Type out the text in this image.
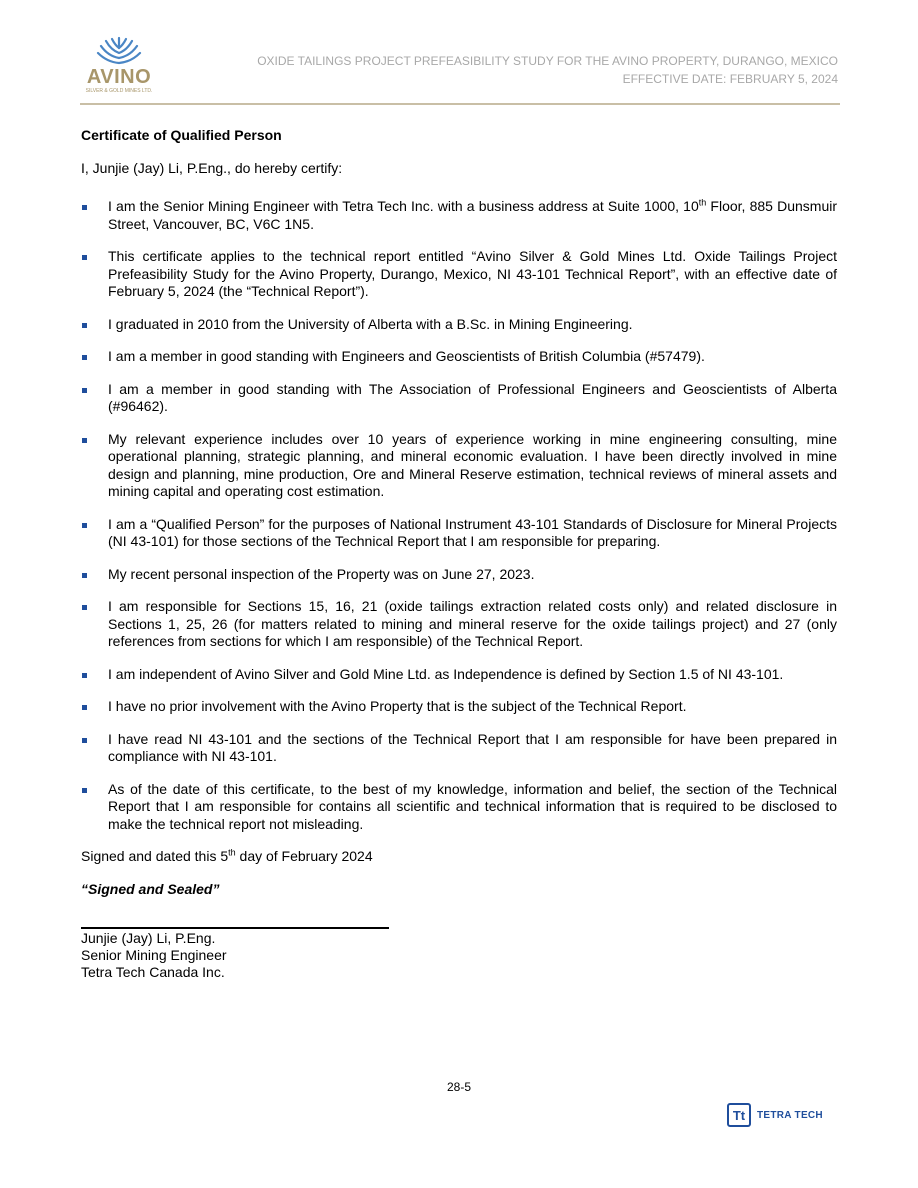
AVINO
SILVER & GOLD MINES LTD.
OXIDE TAILINGS PROJECT PREFEASIBILITY STUDY FOR THE AVINO PROPERTY, DURANGO, MEXICO
EFFECTIVE DATE: FEBRUARY 5, 2024

Certificate of Qualified Person

I, Junjie (Jay) Li, P.Eng., do hereby certify:

I am the Senior Mining Engineer with Tetra Tech Inc. with a business address at Suite 1000, 10th Floor, 885 Dunsmuir Street, Vancouver, BC, V6C 1N5.
This certificate applies to the technical report entitled “Avino Silver & Gold Mines Ltd. Oxide Tailings Project Prefeasibility Study for the Avino Property, Durango, Mexico, NI 43-101 Technical Report”, with an effective date of February 5, 2024 (the “Technical Report”).
I graduated in 2010 from the University of Alberta with a B.Sc. in Mining Engineering.
I am a member in good standing with Engineers and Geoscientists of British Columbia (#57479).
I am a member in good standing with The Association of Professional Engineers and Geoscientists of Alberta (#96462).
My relevant experience includes over 10 years of experience working in mine engineering consulting, mine operational planning, strategic planning, and mineral economic evaluation. I have been directly involved in mine design and planning, mine production, Ore and Mineral Reserve estimation, technical reviews of mineral assets and mining capital and operating cost estimation.
I am a “Qualified Person” for the purposes of National Instrument 43-101 Standards of Disclosure for Mineral Projects (NI 43-101) for those sections of the Technical Report that I am responsible for preparing.
My recent personal inspection of the Property was on June 27, 2023.
I am responsible for Sections 15, 16, 21 (oxide tailings extraction related costs only) and related disclosure in Sections 1, 25, 26 (for matters related to mining and mineral reserve for the oxide tailings project) and 27 (only references from sections for which I am responsible) of the Technical Report.
I am independent of Avino Silver and Gold Mine Ltd. as Independence is defined by Section 1.5 of NI 43-101.
I have no prior involvement with the Avino Property that is the subject of the Technical Report.
I have read NI 43-101 and the sections of the Technical Report that I am responsible for have been prepared in compliance with NI 43-101.
As of the date of this certificate, to the best of my knowledge, information and belief, the section of the Technical Report that I am responsible for contains all scientific and technical information that is required to be disclosed to make the technical report not misleading.
Signed and dated this 5th day of February 2024
“Signed and Sealed”
Junjie (Jay) Li, P.Eng.
Senior Mining Engineer
Tetra Tech Canada Inc.
28-5
Tt	TETRA TECH
